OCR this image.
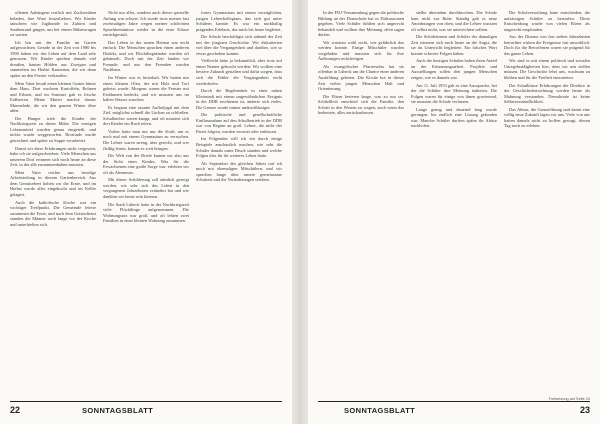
offenen Anhängern restlich mit Zuckerrüben beladen, ihre Ware festzuliefern. Wir Kinder tauschten wie Jugthunde in Zuhörn und Straßenrand gingen, um bei einem Rübenwagen zu warten.

Ich bin mit der Familie im Garten aufgewachsen. Gerade in der Zeit von 1980 bis 1990 haben wir das Leben auf dem Land sehr genossen. Wir Kinder spielten damals viel draußen, bauten Höhlen aus Zweigen und sammelten im Herbst Kastanien, die wir dann später an den Förster verkauften.

Mein Vater besaß einen kleinen Garten hinter dem Haus. Dort wuchsen Kartoffeln, Bohnen und Erbsen, und im Sommer gab es frische Erdbeeren. Meine Mutter machte daraus Marmelade, die wir den ganzen Winter über aßen.

Der Hunger trieb die Kinder der Nachkriegszeit zu dieser Mühe. Die wenigen Lebensmittel wurden genau eingeteilt, und nichts wurde weggeworfen. Brotrinde wurde getrocknet und später zu Suppe verarbeitet.

Damit wir diese Erfahrungen nicht vergessen, habe ich sie aufgeschrieben. Viele Menschen aus unserem Dorf erinnern sich noch heute an diese Zeit, in der alle zusammenhalten mussten.

Mein Vater reichte uns freudige Arbeitsteilung in diesem Gartenbereich. Aus dem Gemüsebeet holten wir die Ernte, und im Herbst wurde alles eingekocht und im Keller gelagert.

Auch die katholische Kirche war ein wichtiger Treffpunkt. Die Gemeinde feierte zusammen die Feste, und nach dem Gottesdienst standen die Männer noch lange vor der Kirche und unterhielten sich.

Nicht nur alles, sondern auch dieser spezielle Anfang war schwer. Ich wurde trotz meiner fast zweimaligen Jahre wegen meiner schlechten Sprachkenntnisse wieder in die erste Klasse zurückgestuft.

Das Leben in der neuen Heimat war nicht einfach. Die Menschen sprachen einen anderen Dialekt, und wir Flüchtlingskinder wurden oft gehänselt. Doch mit der Zeit fanden wir Freunde, und aus den Fremden wurden Nachbarn.

Im Winter war es bitterkalt. Wir hatten nur einen kleinen Ofen, der mit Holz und Torf geheizt wurde. Morgens waren die Fenster mit Eisblumen bedeckt, und wir mussten uns im kalten Wasser waschen.

Es begann eine rasante Aufholjagd mit dem Ziel, möglichst schnell die Lücken zu schließen. Schulbücher waren knapp, und oft mussten sich drei Kinder ein Buch teilen.

Vorher hatte man nur nur die Kraft, um es noch mal mit einem Gymnasium zu versuchen. Die Lehrer waren streng, aber gerecht, und wer fleißig lernte, konnte es weit bringen.

Die Welt von der Briefe kamen wir also aus der Sicht eines Kindes. Was für die Erwachsenen eine große Sorge war, erlebten wir oft als Abenteuer.

Mit dieser Schilderung soll nämlich gezeigt werden, wie sehr sich das Leben in den vergangenen Jahrzehnten verändert hat und wie dankbar wir heute sein können.

Die Stadt Lübeck hatte in der Nachkriegszeit viele Flüchtlinge aufgenommen. Die Wohnungsnot war groß, und oft lebten zwei Familien in einer kleinen Wohnung zusammen.

fortes Gymnasium mit einem vorzüglichen, jungen Lehrerkollegium, das sich gut unter Schülern kannte. Es war ein nachhaltig prägendes Erlebnis, das mich bis heute begleitet.

Die Schule beschäftigte sich anhand der Zeit mit der jüngsten Geschichte. Wir diskutierten viel über die Vergangenheit und darüber, wie so etwas geschehen konnte.

Vielleicht hätte ja bekanntlich, aber trotz auf einen Nenner gebracht werden: Wir wollten eine bessere Zukunft gestalten und dafür sorgen, dass sich die Fehler der Vergangenheit nicht wiederholen.

Durch die Begebenheit in einer nahen Kleinstadt mit einem ungewöhnlichen Ereignis in der DDR erschienen ist, änderte sich vieles. Die Grenze wurde immer undurchlässiger.

Die politische und gesellschaftliche Einflussnahme auf den Schulbetrieb in der DDR war von Beginn an groß. Lehrer, die nicht der Partei folgten, wurden versetzt oder entlassen.

Im Folgenden will ich ein durch einige Beispiele anschaulich machen, wie sehr die Schüler damals unter Druck standen und welche Folgen dies für ihr weiteres Leben hatte.

Als September des gleichen Jahres traf ich mich mit ehemaligen Mitschülern, und wir sprachen lange über unsere gemeinsame Schulzeit und die Veränderungen seitdem.

22	SONNTAGSBLATT

In der FDJ-Versammlung gegen die politische Bildung an der Domschule hat es Diskussionen gegeben. Viele Schüler fühlten sich ungerecht behandelt und wollten ihre Meinung offen sagen dürfen.

Wir wussten wohl nicht, wie gefährlich das werden konnte. Einige Mitschüler wurden vorgeladen und mussten sich für ihre Äußerungen rechtfertigen.

Als evangelischer Pfarrersohn hat sie offenbar in Lübeck um die Chance einer anderen Ausbildung gebeten. Die Kirche bot in dieser Zeit vielen jungen Menschen Halt und Orientierung.

Die Eltern berieten lange, was zu tun sei. Schließlich entschied sich die Familie, den Schritt in den Westen zu wagen, auch wenn das bedeutete, alles zurückzulassen.

stellte übernahm durchbrochen. Die Schule kam nicht zur Ruhe. Ständig gab es neue Anordnungen von oben, und die Lehrer wussten oft selbst nicht, was sie unterrichten sollten.

Die Schülerinnen und Schüler der damaligen Zeit erinnern sich noch heute an die Angst, die sie im Unterricht begleitete. Ein falsches Wort konnte schwere Folgen haben.

Auch die heutigen Schulen haben ihren Anteil an der Erinnerungsarbeit. Projekte und Ausstellungen sollen den jungen Menschen zeigen, wie es damals war.

Am 11. Juli 1953 gab es eine Aussprache, bei der die Schüler ihre Meinung äußerten. Die Folgen waren für einige von ihnen gravierend, sie mussten die Schule verlassen.

Lange genug und dauernd lang wurde gerungen, bis endlich eine Lösung gefunden war. Manche Schüler durften später ihr Abitur nachholen.

Die Schulverwaltung hatte entschieden, die aufsässigen Schüler zu bestrafen. Diese Entscheidung wurde von vielen Eltern als ungerecht empfunden.

Aus der Distanz von fast sieben Jahrzehnten betrachtet wirken die Ereignisse fast unwirklich. Doch für die Betroffenen waren sie prägend für das ganze Leben.

Wir sind es mit einem politisch und sozialen Unregelmäßigkeiten hier, dem wir uns stellen müssen. Die Geschichte lehrt uns, wachsam zu bleiben und für die Freiheit einzutreten.

Der Schulklasse Erfahrungen der Direktor in der Geschichtsbetrachtung werden heute als Mahnung verstanden. Demokratie ist keine Selbstverständlichkeit.

Das Abitur, die Grenzöffnung und damit eine völlig neue Zukunft lagen vor uns. Viele von uns hatten damals nicht zu hoffen gewagt, diesen Tag noch zu erleben.

Fortsetzung auf Seite 24
SONNTAGSBLATT	23
